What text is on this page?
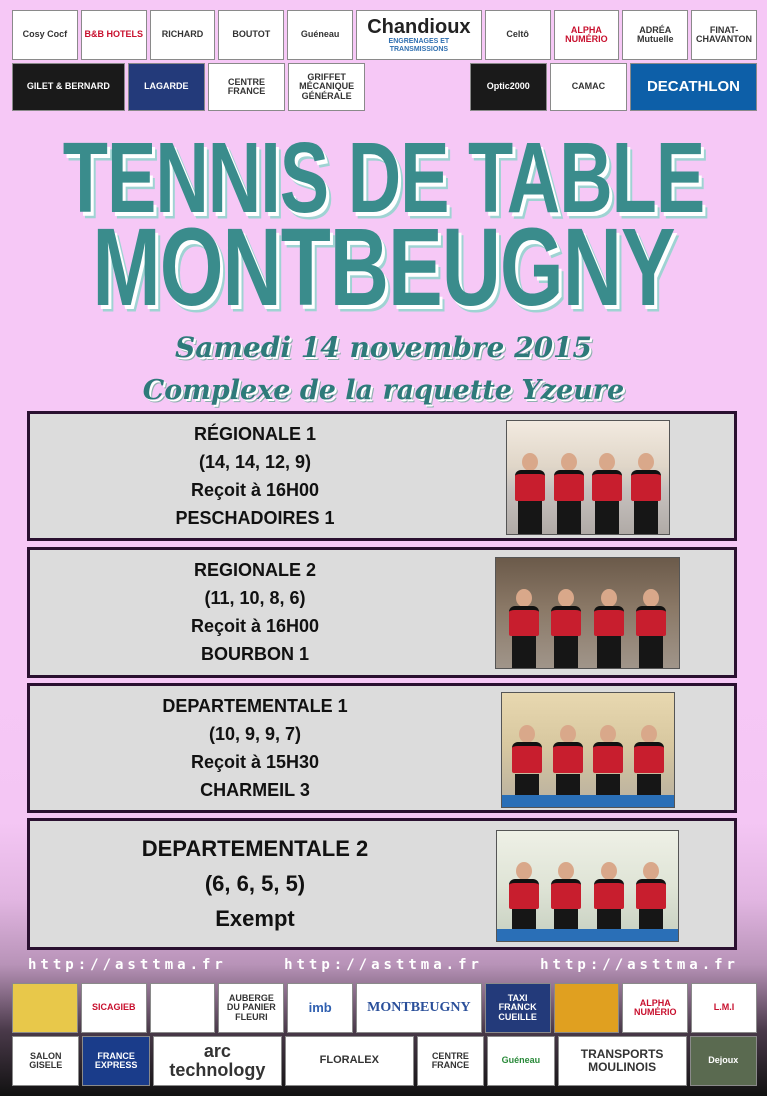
Cosy Cocf	B&B HOTELS	RICHARD	BOUTOT	Guéneau	Chandioux
ENGRENAGES ET TRANSMISSIONS
Celtô	ALPHA NUMÉRIO
ADRÉA Mutuelle
FINAT-CHAVANTON
GILET & BERNARD	LAGARDE	CENTRE FRANCE
GRIFFET MÉCANIQUE GÉNÉRALE
Optic2000	CAMAC	DECATHLON
TENNIS DE TABLE
MONTBEUGNY
Samedi 14 novembre 2015
Complexe de la raquette Yzeure
RÉGIONALE 1
(14, 14, 12, 9)
Reçoit à 16H00
PESCHADOIRES 1
REGIONALE 2
(11, 10, 8, 6)
Reçoit à 16H00
BOURBON 1
DEPARTEMENTALE 1
(10, 9, 9, 7)
Reçoit à 15H30
CHARMEIL 3
DEPARTEMENTALE 2
(6, 6, 5, 5)
Exempt
http://asttma.fr	http://asttma.fr	http://asttma.fr
SICAGIEB
AUBERGE DU PANIER FLEURI
imb	MONTBEUGNY
TAXI FRANCK CUEILLE
ALPHA NUMÉRIO	L.M.I
SALON GISELE
FRANCE EXPRESS
arc technology	FLORALEX	CENTRE FRANCE	Guéneau	TRANSPORTS MOULINOIS	Dejoux
